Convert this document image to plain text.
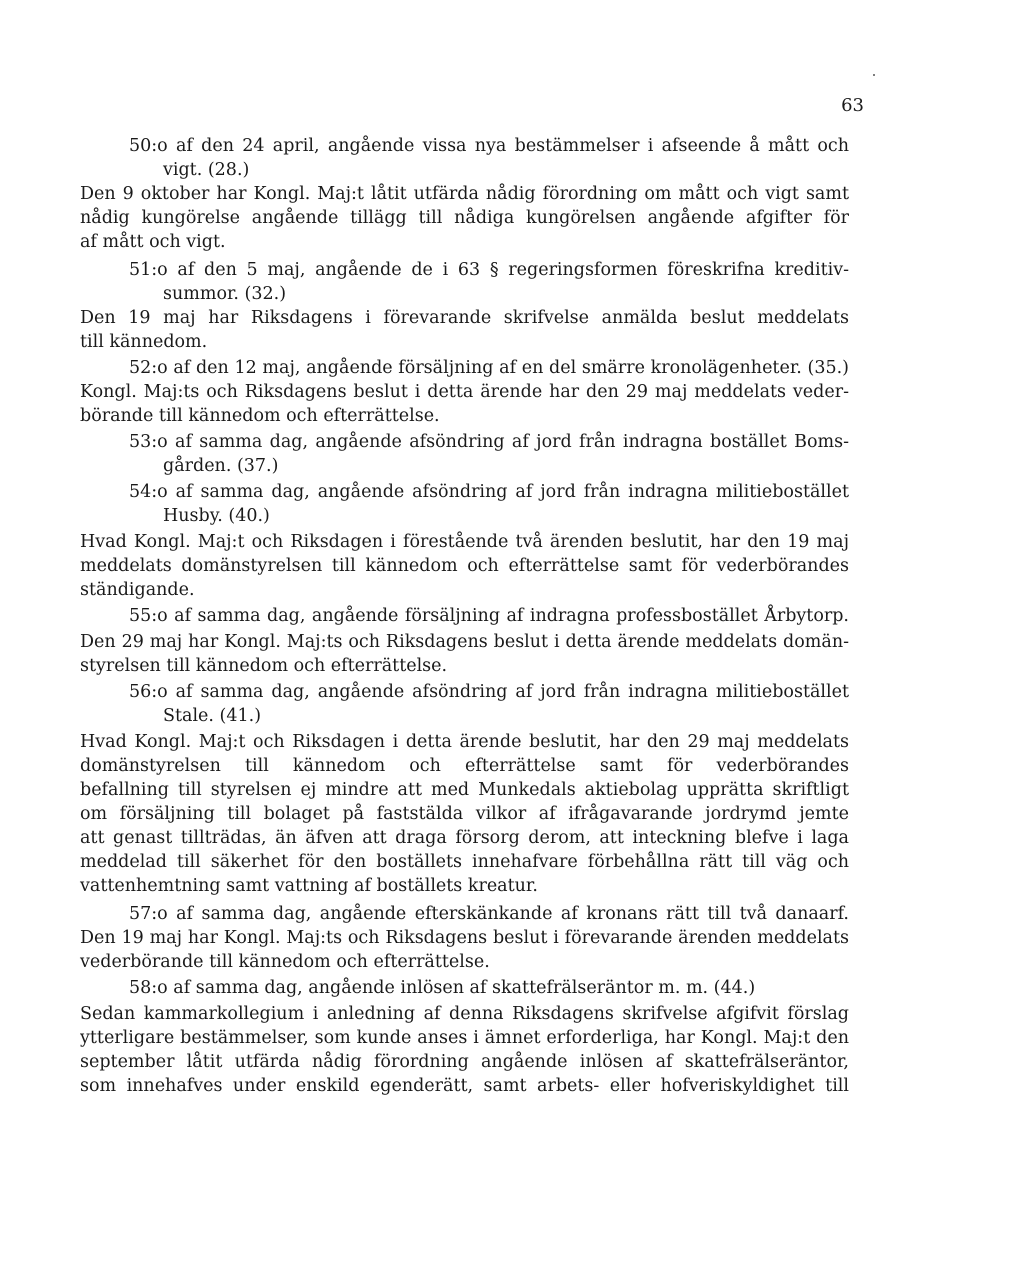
63
50:o af den 24 april, angående vissa nya bestämmelser i afseende å mått och
vigt. (28.)
Den 9 oktober har Kongl. Maj:t låtit utfärda nådig förordning om mått och vigt samt
nådig kungörelse angående tillägg till nådiga kungörelsen angående afgifter för
af mått och vigt.
51:o af den 5 maj, angående de i 63 § regeringsformen föreskrifna kreditiv-
summor. (32.)
Den 19 maj har Riksdagens i förevarande skrifvelse anmälda beslut meddelats
till kännedom.
52:o af den 12 maj, angående försäljning af en del smärre kronolägenheter. (35.)
Kongl. Maj:ts och Riksdagens beslut i detta ärende har den 29 maj meddelats veder-
börande till kännedom och efterrättelse.
53:o af samma dag, angående afsöndring af jord från indragna bostället Boms-
gården. (37.)
54:o af samma dag, angående afsöndring af jord från indragna militiebostället
Husby. (40.)
Hvad Kongl. Maj:t och Riksdagen i förestående två ärenden beslutit, har den 19 maj
meddelats domänstyrelsen till kännedom och efterrättelse samt för vederbörandes
ständigande.
55:o af samma dag, angående försäljning af indragna professbostället Årbytorp.
Den 29 maj har Kongl. Maj:ts och Riksdagens beslut i detta ärende meddelats domän-
styrelsen till kännedom och efterrättelse.
56:o af samma dag, angående afsöndring af jord från indragna militiebostället
Stale. (41.)
Hvad Kongl. Maj:t och Riksdagen i detta ärende beslutit, har den 29 maj meddelats
domänstyrelsen till kännedom och efterrättelse samt för vederbörandes
befallning till styrelsen ej mindre att med Munkedals aktiebolag upprätta skriftligt
om försäljning till bolaget på faststälda vilkor af ifrågavarande jordrymd jemte
att genast tillträdas, än äfven att draga försorg derom, att inteckning blefve i laga
meddelad till säkerhet för den boställets innehafvare förbehållna rätt till väg och
vattenhemtning samt vattning af boställets kreatur.
57:o af samma dag, angående efterskänkande af kronans rätt till två danaarf.
Den 19 maj har Kongl. Maj:ts och Riksdagens beslut i förevarande ärenden meddelats
vederbörande till kännedom och efterrättelse.
58:o af samma dag, angående inlösen af skattefrälseräntor m. m. (44.)
Sedan kammarkollegium i anledning af denna Riksdagens skrifvelse afgifvit förslag
ytterligare bestämmelser, som kunde anses i ämnet erforderliga, har Kongl. Maj:t den
september låtit utfärda nådig förordning angående inlösen af skattefrälseräntor,
som innehafves under enskild egenderätt, samt arbets- eller hofveriskyldighet till
